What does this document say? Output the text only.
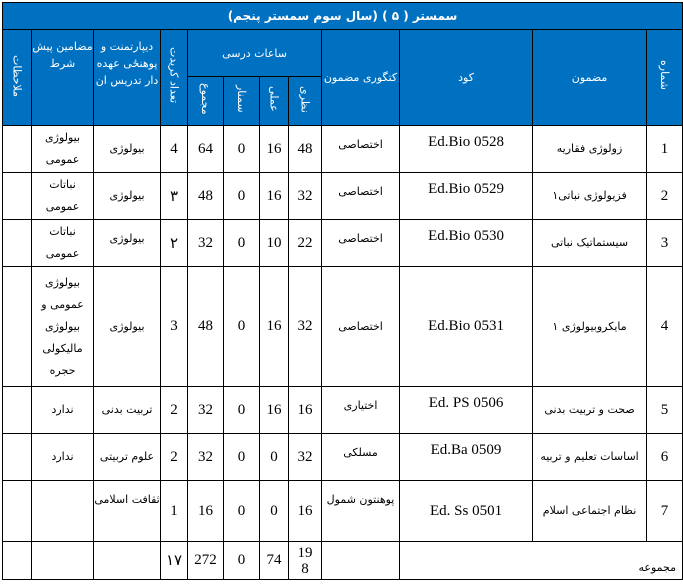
سمستر ( ۵ ) (سال سوم سمستر پنجم)											
شماره	مضمون	کود	کتگوری مضمون	ساعات درسی				تعداد کریدت	دیپارتمنت و پوهنځی عهده دار تدریس ان	مضامین پیش شرط	ملاحظات
				نظری	عملی	سمنار	مجموع				
1	زولوژی فقاریه	Ed.Bio 0528	اختصاصی	48	16	0	64	4	بیولوژی	بیولوژی عمومی	
2	فزیولوژی نباتی۱	Ed.Bio 0529	اختصاصی	32	16	0	48	۳	بیولوژی	نباتات عمومی	
3	سیستماتیک نباتی	Ed.Bio 0530	اختصاصی	22	10	0	32	۲	بیولوژی	نباتات عمومی	
4	مایکروبیولوژی ۱	Ed.Bio 0531	اختصاصی	32	16	0	48	3	بیولوژی	بیولوژی عمومی و بیولوژی مالیکولی حجره	
5	صحت و تربیت بدنی	Ed. PS 0506	اختیاری	16	16	0	32	2	تربیت بدنی	ندارد	
6	اساسات تعلیم و تربیه	Ed.Ba 0509	مسلکی	32	0	0	32	2	علوم تربیتی	ندارد	
7	نظام اجتماعی اسلام	Ed. Ss 0501	پوهنتون شمول	16	0	0	16	1	ثقافت اسلامی		
مجموعه				198	74	0	272	۱۷			
